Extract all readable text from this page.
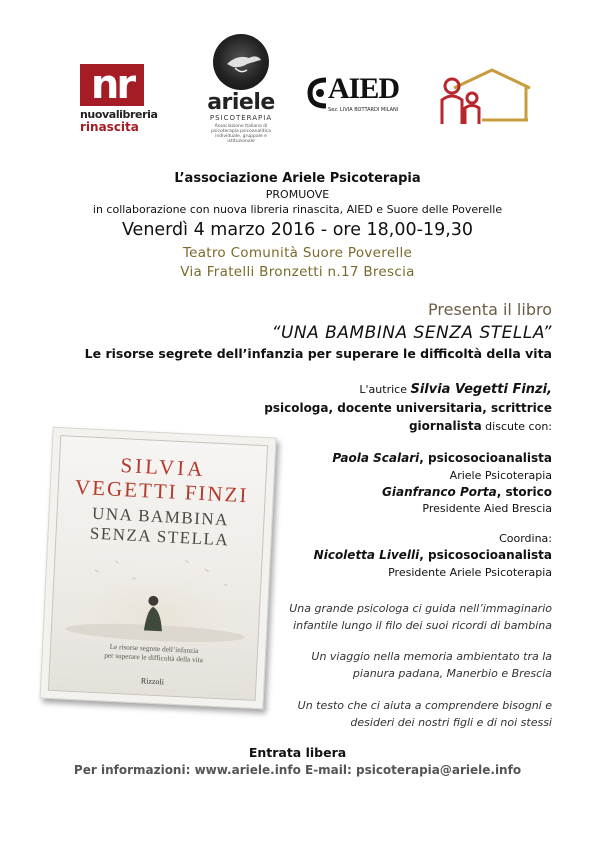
nr
nuovalibreria
rinascita
ariele
PSICOTERAPIA
Associazione Italiana di
psicoterapia psicoanalitica
individuale, gruppale e
istituzionale
AIED
Sez. LIVIA BOTTARDI MILANI
L’associazione Ariele Psicoterapia
PROMUOVE
in collaborazione con nuova libreria rinascita, AIED e Suore delle Poverelle
Venerdì 4 marzo 2016 - ore 18,00-19,30
Teatro Comunità Suore Poverelle
Via Fratelli Bronzetti n.17 Brescia
Presenta il libro
“UNA BAMBINA SENZA STELLA”
Le risorse segrete dell’infanzia per superare le difficoltà della vita
L'autrice Silvia Vegetti Finzi,
psicologa, docente universitaria, scrittrice
giornalista discute con:
Paola Scalari, psicosocioanalista
Ariele Psicoterapia
Gianfranco Porta, storico
Presidente Aied Brescia
Coordina:
Nicoletta Livelli, psicosocioanalista
Presidente Ariele Psicoterapia
Una grande psicologa ci guida nell’immaginario
infantile lungo il filo dei suoi ricordi di bambina
Un viaggio nella memoria ambientato tra la
pianura padana, Manerbio e Brescia
Un testo che ci aiuta a comprendere bisogni e
desideri dei nostri figli e di noi stessi
SILVIA
VEGETTI FINZI
UNA BAMBINA
SENZA STELLA
Le risorse segrete dell’infanzia
per superare le difficoltà della vita
Rizzoli
Entrata libera
Per informazioni: www.ariele.info E-mail: psicoterapia@ariele.info
